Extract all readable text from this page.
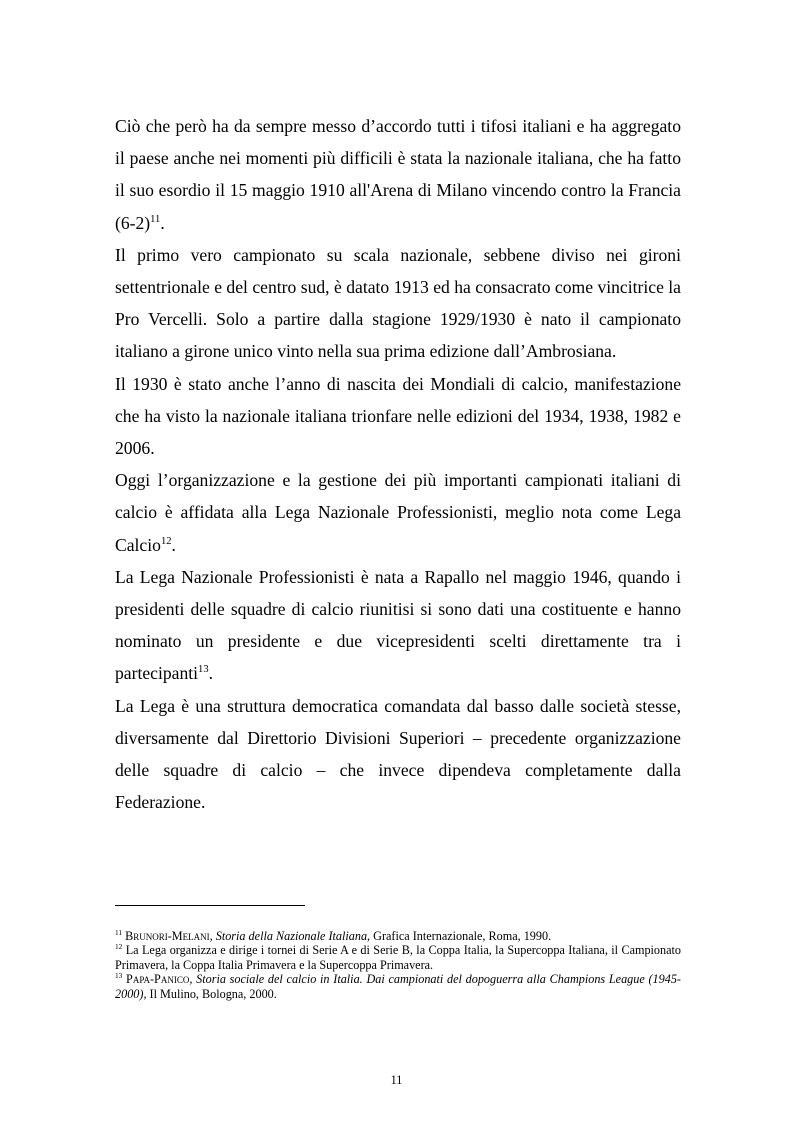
Ciò che però ha da sempre messo d’accordo tutti i tifosi italiani e ha aggregato il paese anche nei momenti più difficili è stata la nazionale italiana, che ha fatto il suo esordio il 15 maggio 1910 all'Arena di Milano vincendo contro la Francia $(6-2)^{11}$.

Il primo vero campionato su scala nazionale, sebbene diviso nei gironi settentrionale e del centro sud, è datato 1913 ed ha consacrato come vincitrice la Pro Vercelli. Solo a partire dalla stagione 1929/1930 è nato il campionato italiano a girone unico vinto nella sua prima edizione dall’Ambrosiana.

Il 1930 è stato anche l’anno di nascita dei Mondiali di calcio, manifestazione che ha visto la nazionale italiana trionfare nelle edizioni del 1934, 1938, 1982 e 2006.

Oggi l’organizzazione e la gestione dei più importanti campionati italiani di calcio è affidata alla Lega Nazionale Professionisti, meglio nota come Lega Calcio$^{12}$.

La Lega Nazionale Professionisti è nata a Rapallo nel maggio 1946, quando i presidenti delle squadre di calcio riunitisi si sono dati una costituente e hanno nominato un presidente e due vicepresidenti scelti direttamente tra i partecipanti$^{13}$.

La Lega è una struttura democratica comandata dal basso dalle società stesse, diversamente dal Direttorio Divisioni Superiori – precedente organizzazione delle squadre di calcio – che invece dipendeva completamente dalla Federazione.

$^{11}$ Brunori-Melani, Storia della Nazionale Italiana, Grafica Internazionale, Roma, 1990.

$^{12}$ La Lega organizza e dirige i tornei di Serie A e di Serie B, la Coppa Italia, la Supercoppa Italiana, il Campionato Primavera, la Coppa Italia Primavera e la Supercoppa Primavera.

$^{13}$ Papa-Panico, Storia sociale del calcio in Italia. Dai campionati del dopoguerra alla Champions League (1945-2000), Il Mulino, Bologna, 2000.

11
